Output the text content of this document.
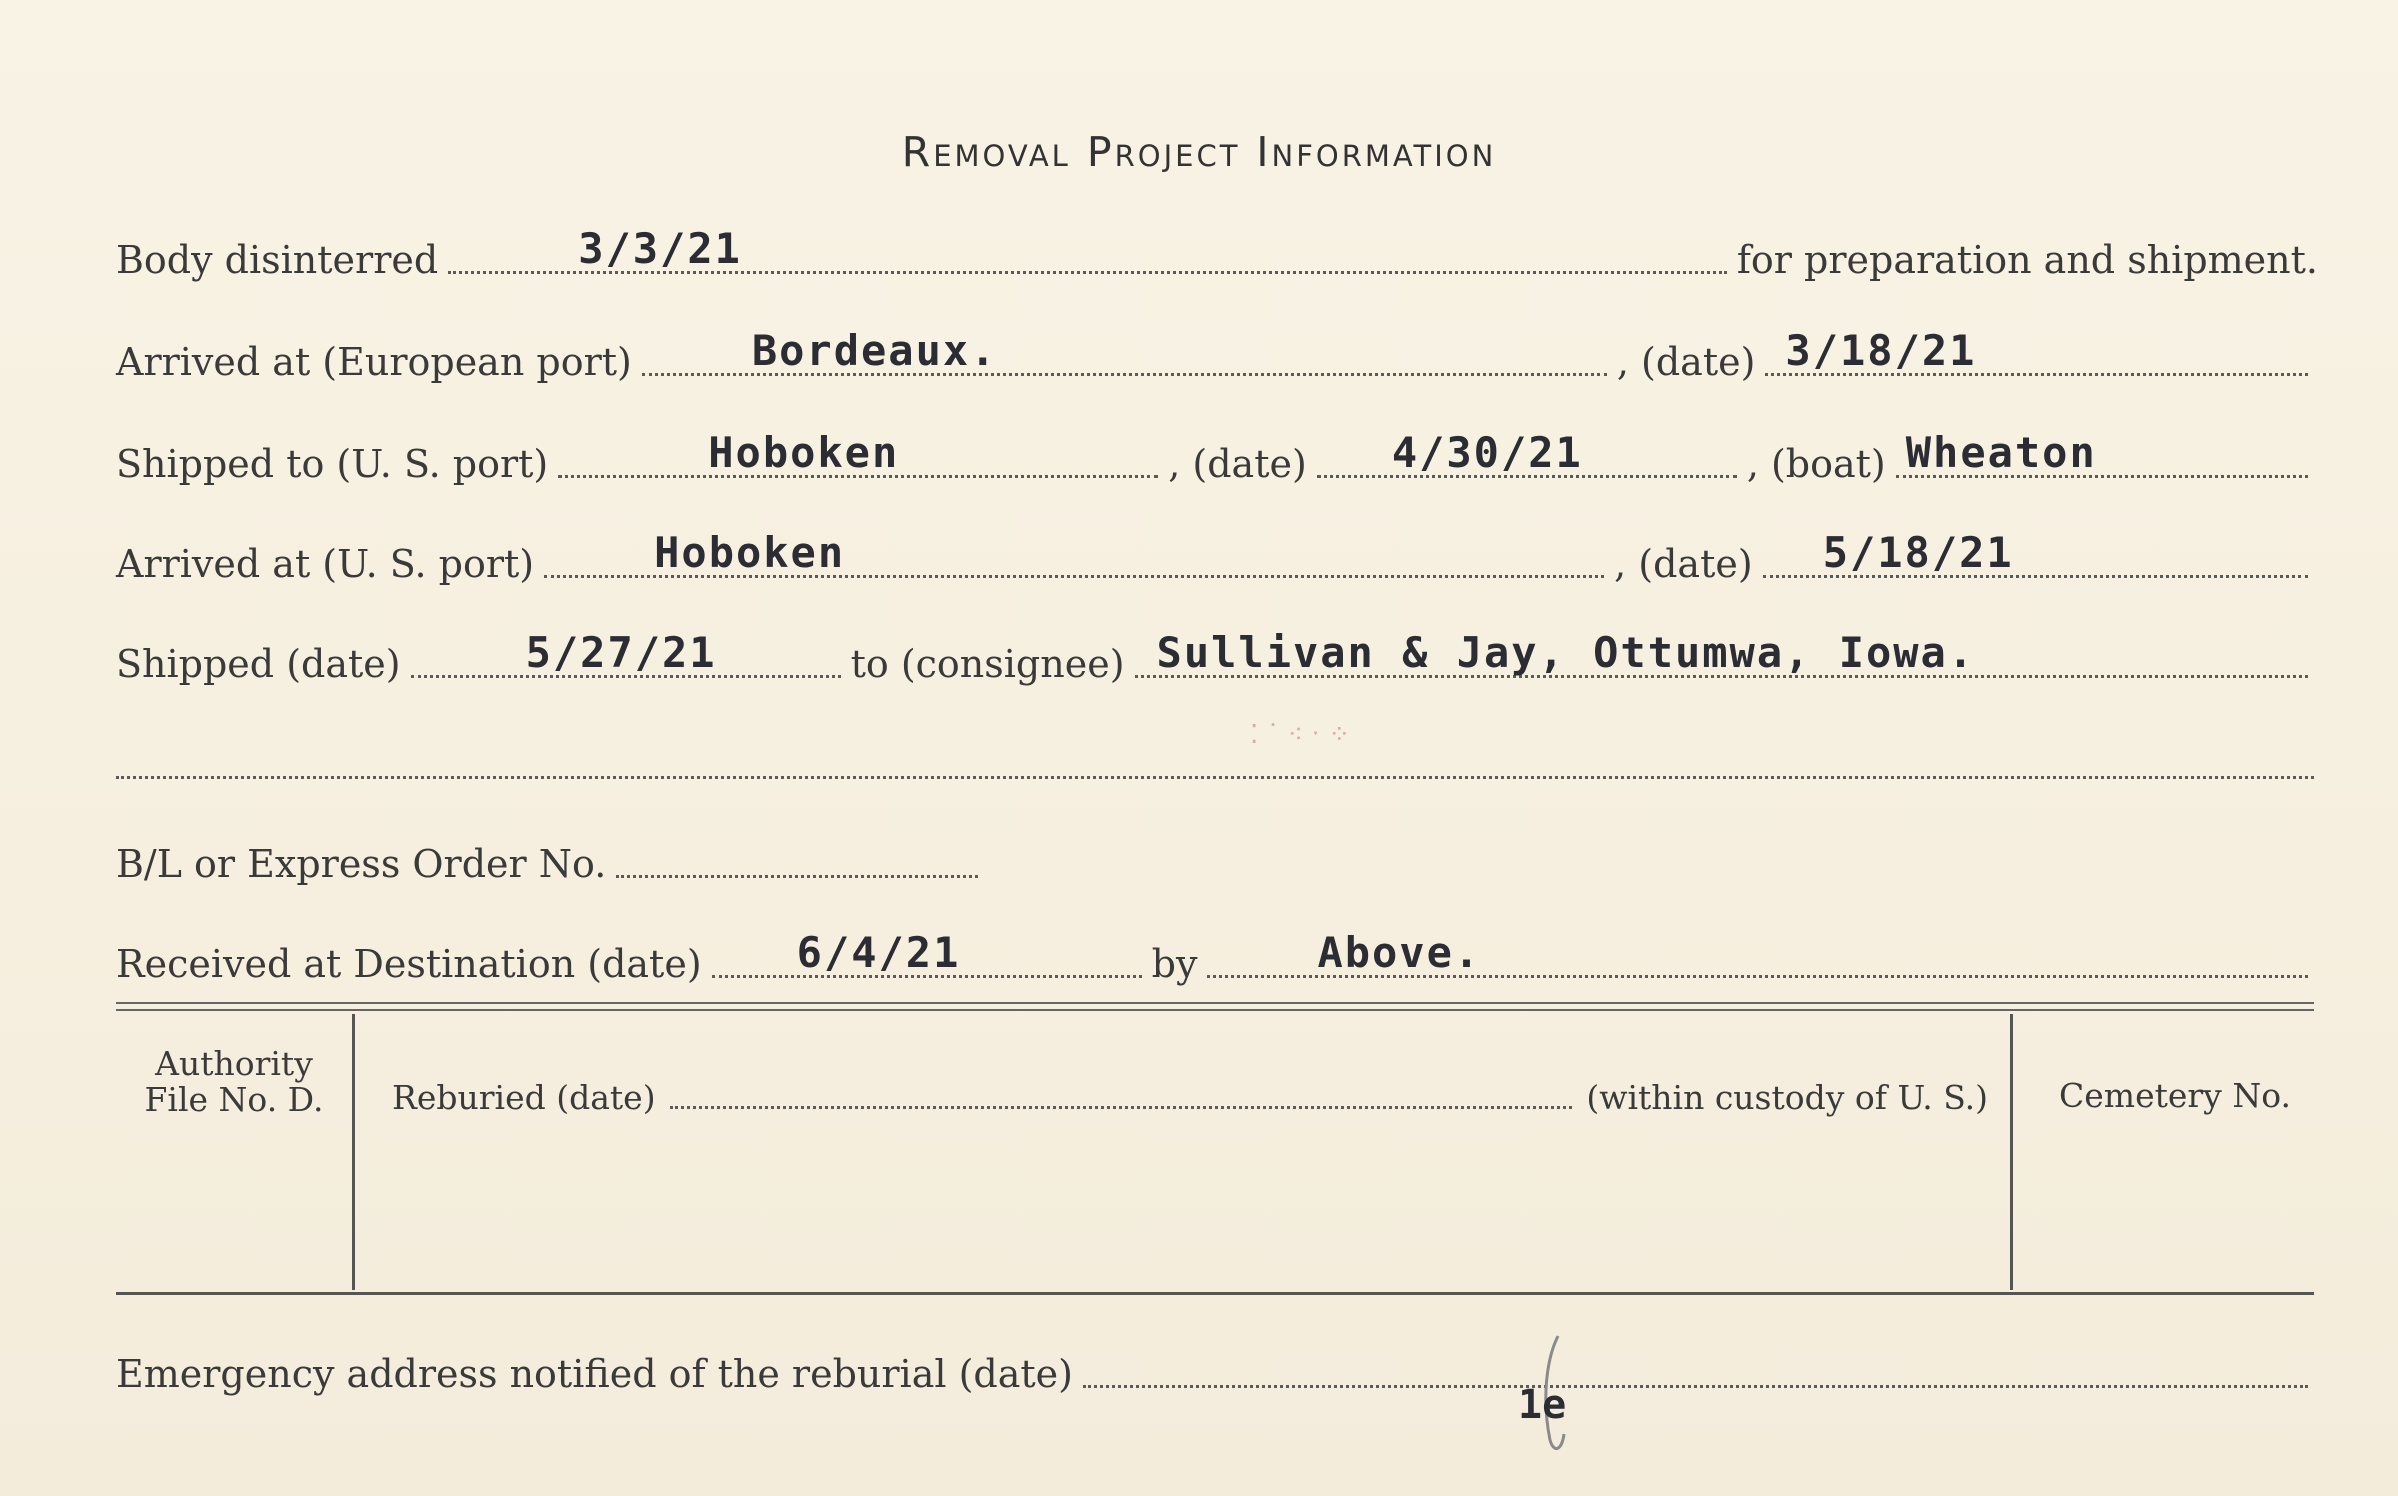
Removal Project Information
Body disinterred	3/3/21	for preparation and shipment.
Arrived at (European port)	Bordeaux.	, (date) 3/18/21
Shipped to (U. S. port)	Hoboken	, (date) 4/30/21	, (boat) Wheaton
Arrived at (U. S. port)	Hoboken	, (date) 5/18/21
Shipped (date)	5/27/21	to (consignee) Sullivan & Jay, Ottumwa, Iowa.
⁚ ˙ ⁖ ˑ ⁘
B/L or Express Order No.
Received at Destination (date) 6/4/21	by	Above.
Authority
File No. D.	Reburied (date)	(within custody of U. S.)	Cemetery No.
Emergency address notified of the reburial (date)
1e
